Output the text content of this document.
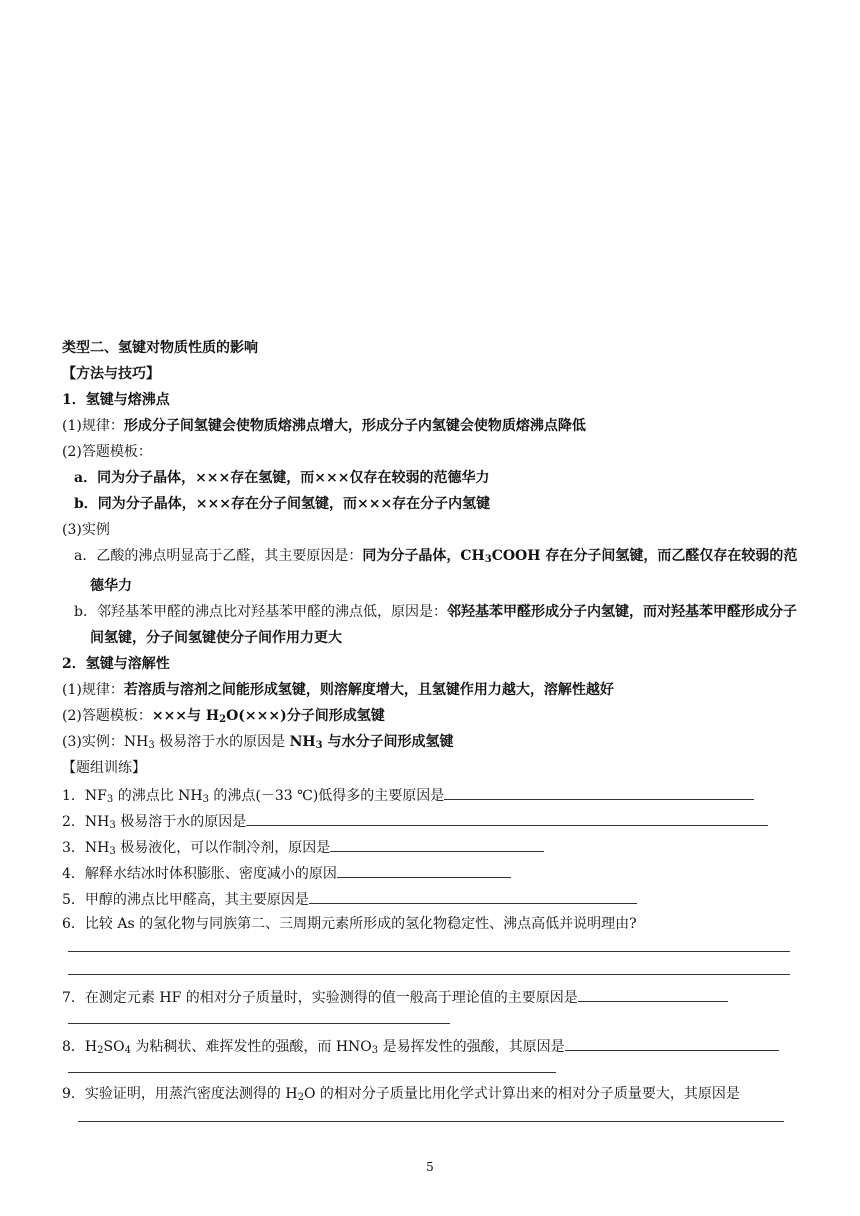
类型二、氢键对物质性质的影响
【方法与技巧】
1．氢键与熔沸点
(1)规律：形成分子间氢键会使物质熔沸点增大，形成分子内氢键会使物质熔沸点降低
(2)答题模板：
a．同为分子晶体，×××存在氢键，而×××仅存在较弱的范德华力
b．同为分子晶体，×××存在分子间氢键，而×××存在分子内氢键
(3)实例
a．乙酸的沸点明显高于乙醛，其主要原因是：同为分子晶体，$CH_3COOH$ 存在分子间氢键，而乙醛仅存在较弱的范德华力
b．邻羟基苯甲醛的沸点比对羟基苯甲醛的沸点低，原因是：邻羟基苯甲醛形成分子内氢键，而对羟基苯甲醛形成分子间氢键，分子间氢键使分子间作用力更大
2．氢键与溶解性
(1)规律：若溶质与溶剂之间能形成氢键，则溶解度增大，且氢键作用力越大，溶解性越好
(2)答题模板：×××与 $H_2O(\times\times\times)$分子间形成氢键
(3)实例：$NH_3$ 极易溶于水的原因是 $NH_3$ 与水分子间形成氢键
【题组训练】
1．$NF_3$ 的沸点比 $NH_3$ 的沸点(－33 ℃)低得多的主要原因是
2．$NH_3$ 极易溶于水的原因是
3．$NH_3$ 极易液化，可以作制冷剂，原因是
4．解释水结冰时体积膨胀、密度减小的原因
5．甲醇的沸点比甲醛高，其主要原因是
6．比较 As 的氢化物与同族第二、三周期元素所形成的氢化物稳定性、沸点高低并说明理由?
7．在测定元素 HF 的相对分子质量时，实验测得的值一般高于理论值的主要原因是
8．$H_2SO_4$ 为粘稠状、难挥发性的强酸，而 $HNO_3$ 是易挥发性的强酸，其原因是
9．实验证明，用蒸汽密度法测得的 $H_2O$ 的相对分子质量比用化学式计算出来的相对分子质量要大，其原因是
5
